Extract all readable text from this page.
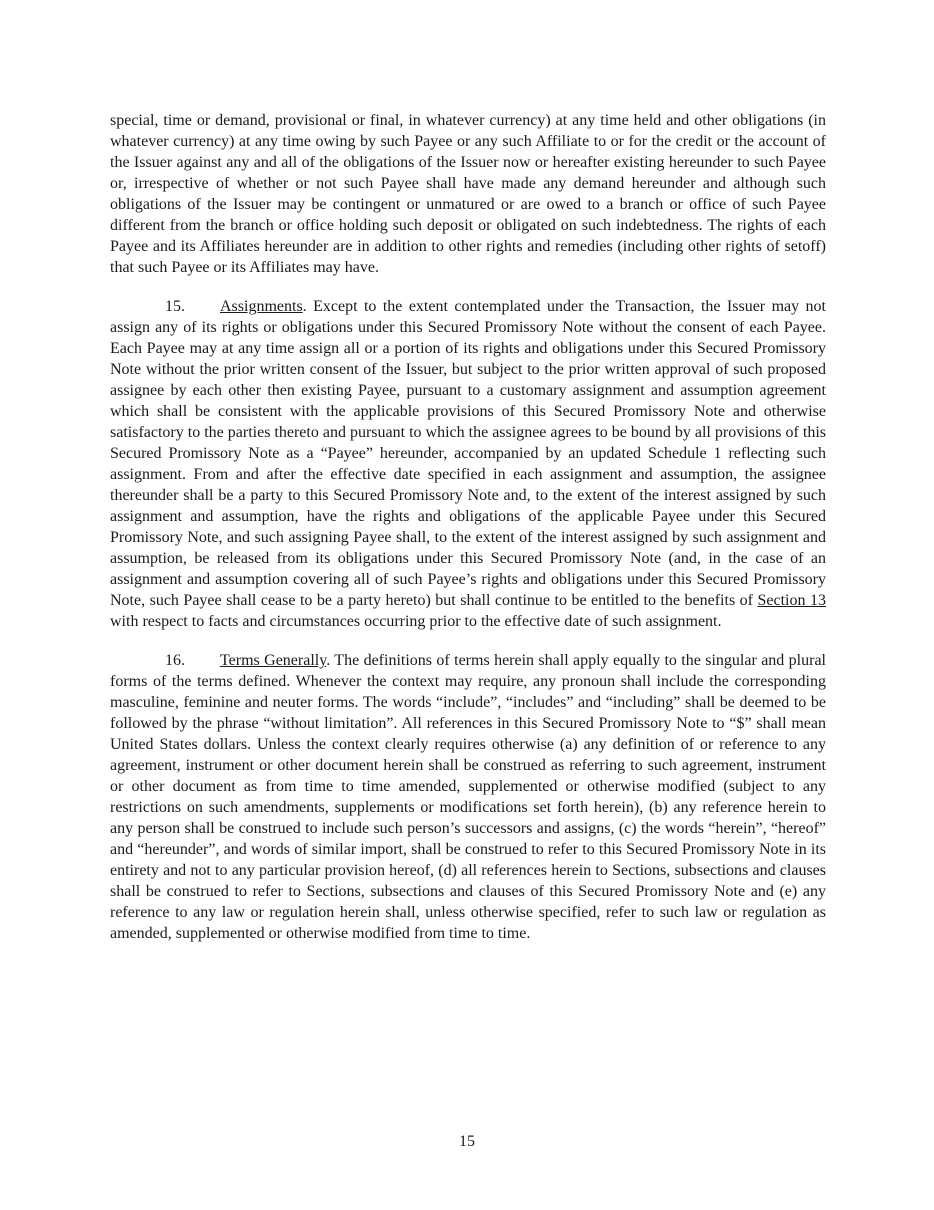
special, time or demand, provisional or final, in whatever currency) at any time held and other obligations (in whatever currency) at any time owing by such Payee or any such Affiliate to or for the credit or the account of the Issuer against any and all of the obligations of the Issuer now or hereafter existing hereunder to such Payee or, irrespective of whether or not such Payee shall have made any demand hereunder and although such obligations of the Issuer may be contingent or unmatured or are owed to a branch or office of such Payee different from the branch or office holding such deposit or obligated on such indebtedness. The rights of each Payee and its Affiliates hereunder are in addition to other rights and remedies (including other rights of setoff) that such Payee or its Affiliates may have.

15. Assignments. Except to the extent contemplated under the Transaction, the Issuer may not assign any of its rights or obligations under this Secured Promissory Note without the consent of each Payee. Each Payee may at any time assign all or a portion of its rights and obligations under this Secured Promissory Note without the prior written consent of the Issuer, but subject to the prior written approval of such proposed assignee by each other then existing Payee, pursuant to a customary assignment and assumption agreement which shall be consistent with the applicable provisions of this Secured Promissory Note and otherwise satisfactory to the parties thereto and pursuant to which the assignee agrees to be bound by all provisions of this Secured Promissory Note as a “Payee” hereunder, accompanied by an updated Schedule 1 reflecting such assignment. From and after the effective date specified in each assignment and assumption, the assignee thereunder shall be a party to this Secured Promissory Note and, to the extent of the interest assigned by such assignment and assumption, have the rights and obligations of the applicable Payee under this Secured Promissory Note, and such assigning Payee shall, to the extent of the interest assigned by such assignment and assumption, be released from its obligations under this Secured Promissory Note (and, in the case of an assignment and assumption covering all of such Payee’s rights and obligations under this Secured Promissory Note, such Payee shall cease to be a party hereto) but shall continue to be entitled to the benefits of Section 13 with respect to facts and circumstances occurring prior to the effective date of such assignment.

16. Terms Generally. The definitions of terms herein shall apply equally to the singular and plural forms of the terms defined. Whenever the context may require, any pronoun shall include the corresponding masculine, feminine and neuter forms. The words “include”, “includes” and “including” shall be deemed to be followed by the phrase “without limitation”. All references in this Secured Promissory Note to “$” shall mean United States dollars. Unless the context clearly requires otherwise (a) any definition of or reference to any agreement, instrument or other document herein shall be construed as referring to such agreement, instrument or other document as from time to time amended, supplemented or otherwise modified (subject to any restrictions on such amendments, supplements or modifications set forth herein), (b) any reference herein to any person shall be construed to include such person’s successors and assigns, (c) the words “herein”, “hereof” and “hereunder”, and words of similar import, shall be construed to refer to this Secured Promissory Note in its entirety and not to any particular provision hereof, (d) all references herein to Sections, subsections and clauses shall be construed to refer to Sections, subsections and clauses of this Secured Promissory Note and (e) any reference to any law or regulation herein shall, unless otherwise specified, refer to such law or regulation as amended, supplemented or otherwise modified from time to time.

15
